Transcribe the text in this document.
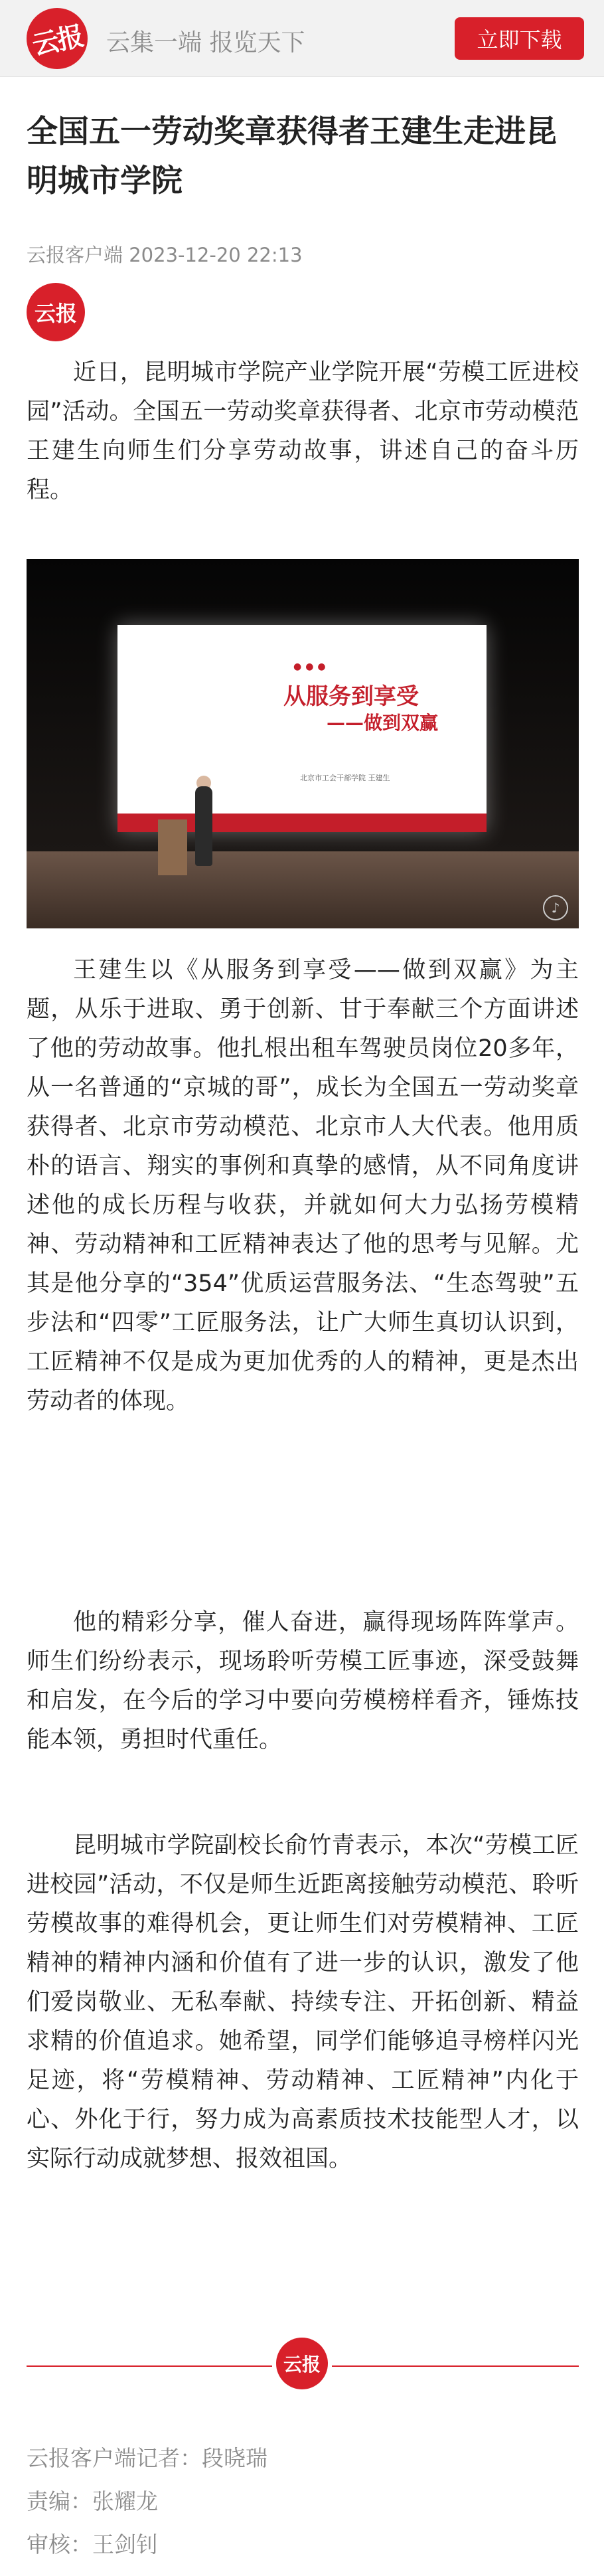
云报 云集一端 报览天下	立即下载
全国五一劳动奖章获得者王建生走进昆明城市学院
云报客户端 2023-12-20 22:13
云报
近日，昆明城市学院产业学院开展“劳模工匠进校园”活动。全国五一劳动奖章获得者、北京市劳动模范王建生向师生们分享劳动故事，讲述自己的奋斗历程。
●●●
从服务到享受
——做到双赢
北京市工会干部学院 王建生
♪
王建生以《从服务到享受——做到双赢》为主题，从乐于进取、勇于创新、甘于奉献三个方面讲述了他的劳动故事。他扎根出租车驾驶员岗位20多年，从一名普通的“京城的哥”，成长为全国五一劳动奖章获得者、北京市劳动模范、北京市人大代表。他用质朴的语言、翔实的事例和真挚的感情，从不同角度讲述他的成长历程与收获，并就如何大力弘扬劳模精神、劳动精神和工匠精神表达了他的思考与见解。尤其是他分享的“354”优质运营服务法、“生态驾驶”五步法和“四零”工匠服务法，让广大师生真切认识到，工匠精神不仅是成为更加优秀的人的精神，更是杰出劳动者的体现。
他的精彩分享，催人奋进，赢得现场阵阵掌声。师生们纷纷表示，现场聆听劳模工匠事迹，深受鼓舞和启发，在今后的学习中要向劳模榜样看齐，锤炼技能本领，勇担时代重任。
昆明城市学院副校长俞竹青表示，本次“劳模工匠进校园”活动，不仅是师生近距离接触劳动模范、聆听劳模故事的难得机会，更让师生们对劳模精神、工匠精神的精神内涵和价值有了进一步的认识，激发了他们爱岗敬业、无私奉献、持续专注、开拓创新、精益求精的价值追求。她希望，同学们能够追寻榜样闪光足迹，将“劳模精神、劳动精神、工匠精神”内化于心、外化于行，努力成为高素质技术技能型人才，以实际行动成就梦想、报效祖国。
云报
云报客户端记者：段晓瑞
责编：张耀龙
审核：王剑钊
